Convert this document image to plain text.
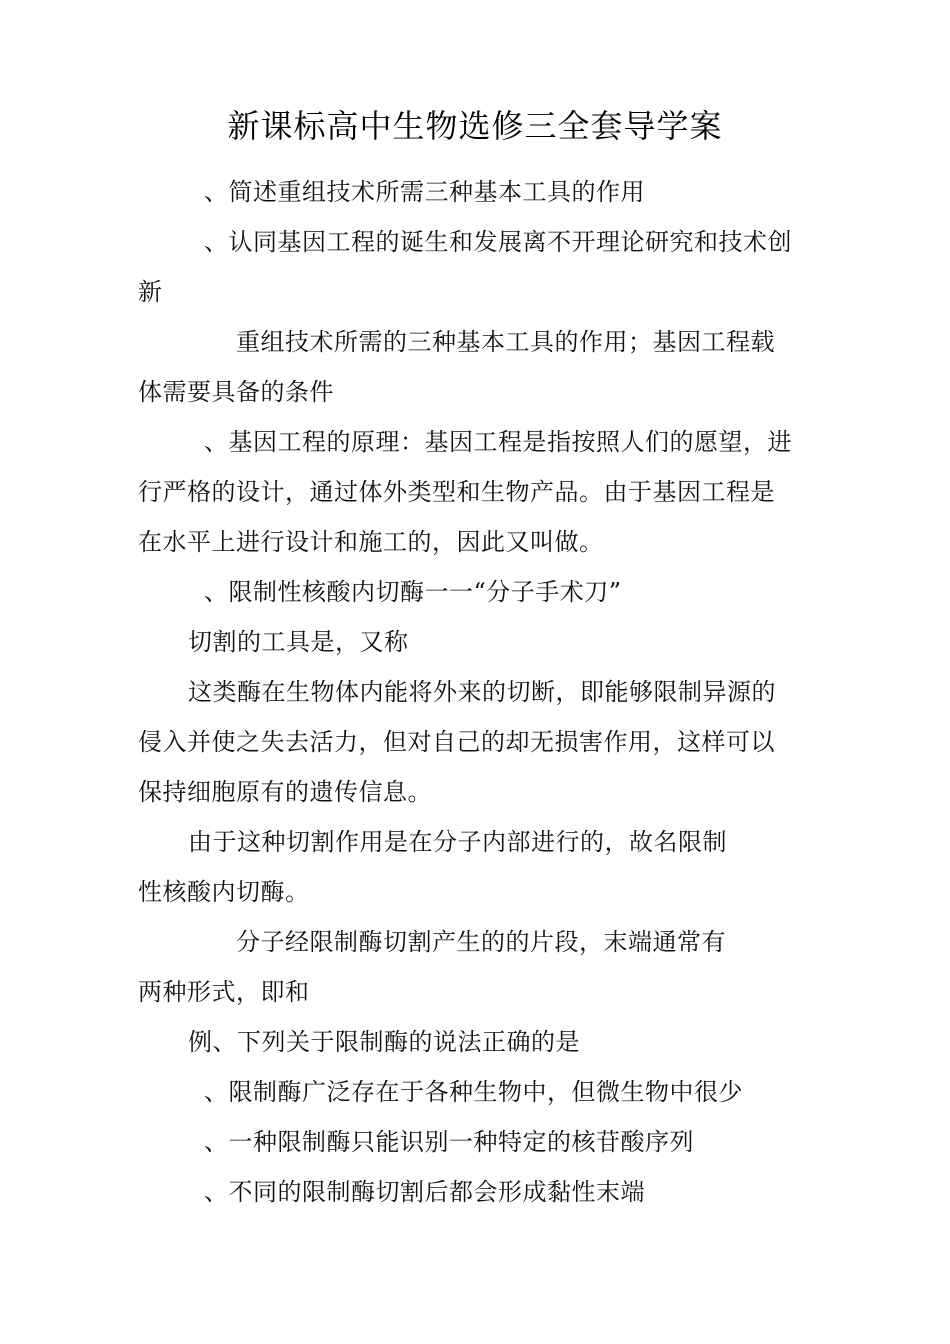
新课标高中生物选修三全套导学案
、简述重组技术所需三种基本工具的作用
、认同基因工程的诞生和发展离不开理论研究和技术创
新
重组技术所需的三种基本工具的作用；基因工程载
体需要具备的条件
、基因工程的原理：基因工程是指按照人们的愿望，进
行严格的设计，通过体外类型和生物产品。由于基因工程是
在水平上进行设计和施工的，因此又叫做。
、限制性核酸内切酶一一“分子手术刀”
切割的工具是，又称
这类酶在生物体内能将外来的切断，即能够限制异源的
侵入并使之失去活力，但对自己的却无损害作用，这样可以
保持细胞原有的遗传信息。
由于这种切割作用是在分子内部进行的，故名限制
性核酸内切酶。
分子经限制酶切割产生的的片段，末端通常有
两种形式，即和
例、下列关于限制酶的说法正确的是
、限制酶广泛存在于各种生物中，但微生物中很少
、一种限制酶只能识别一种特定的核苷酸序列
、不同的限制酶切割后都会形成黏性末端
